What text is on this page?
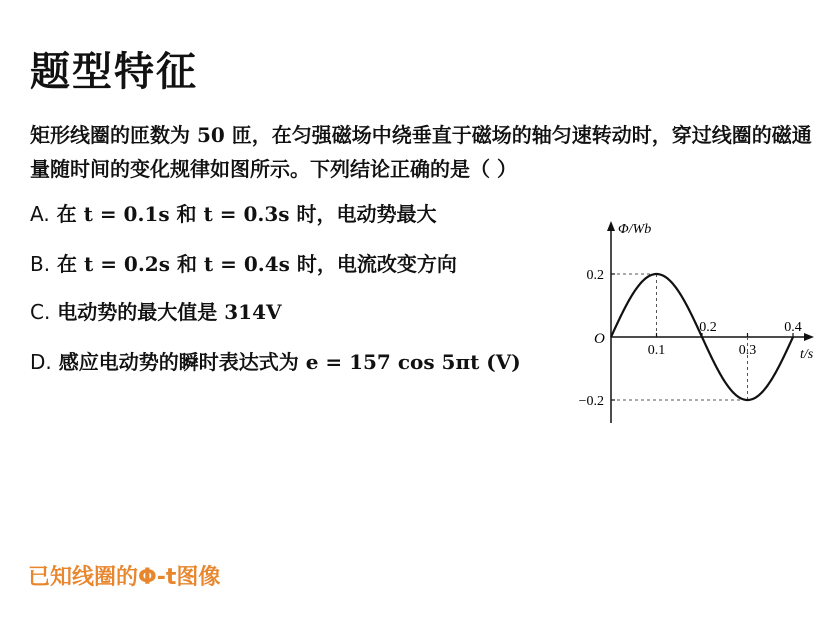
题型特征
矩形线圈的匝数为 50 匝，在匀强磁场中绕垂直于磁场的轴匀速转动时，穿过线圈的磁通量随时间的变化规律如图所示。下列结论正确的是（ ）
A. 在 t = 0.1s 和 t = 0.3s 时，电动势最大
B. 在 t = 0.2s 和 t = 0.4s 时，电流改变方向
C. 电动势的最大值是 314V
D. 感应电动势的瞬时表达式为 e = 157 cos 5πt (V)
Φ/Wb
t/s
O
0.1
0.2
0.3
0.4
0.2
−0.2
已知线圈的Φ-t图像
